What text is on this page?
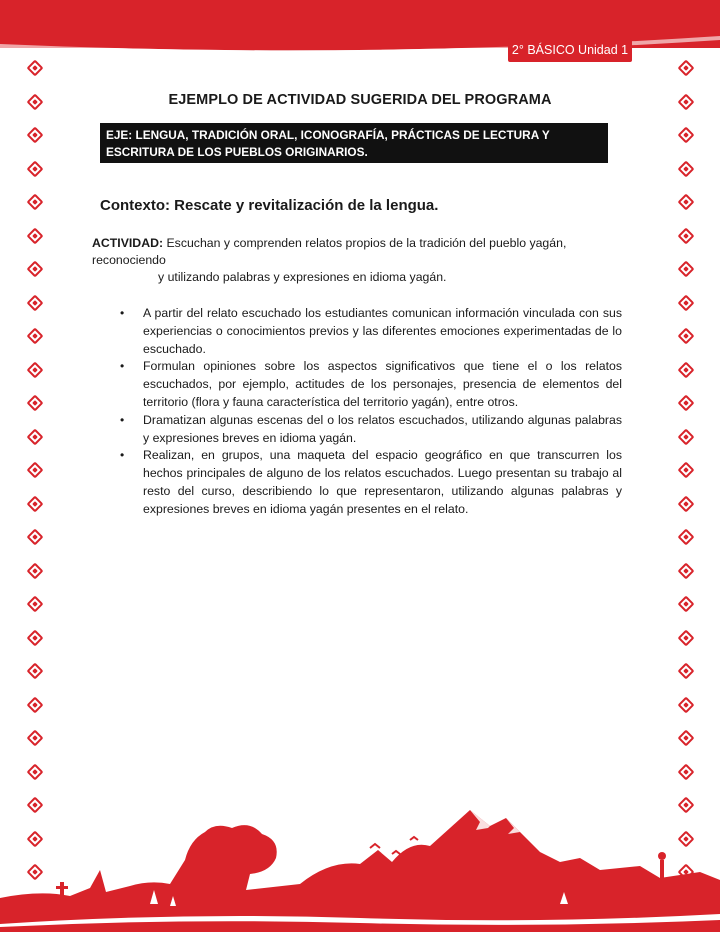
2° BÁSICO Unidad 1
EJEMPLO DE ACTIVIDAD SUGERIDA DEL PROGRAMA
EJE: LENGUA, TRADICIÓN ORAL, ICONOGRAFÍA, PRÁCTICAS DE LECTURA Y ESCRITURA DE LOS PUEBLOS ORIGINARIOS.
Contexto: Rescate y revitalización de la lengua.
ACTIVIDAD: Escuchan y comprenden relatos propios de la tradición del pueblo yagán, reconociendo
y utilizando palabras y expresiones en idioma yagán.
• A partir del relato escuchado los estudiantes comunican información vinculada con sus experiencias o conocimientos previos y las diferentes emociones experimentadas de lo escuchado.
• Formulan opiniones sobre los aspectos significativos que tiene el o los relatos escuchados, por ejemplo, actitudes de los personajes, presencia de elementos del territorio (flora y fauna característica del territorio yagán), entre otros.
• Dramatizan algunas escenas del o los relatos escuchados, utilizando algunas palabras y expresiones breves en idioma yagán.
• Realizan, en grupos, una maqueta del espacio geográfico en que transcurren los hechos principales de alguno de los relatos escuchados. Luego presentan su trabajo al resto del curso, describiendo lo que representaron, utilizando algunas palabras y expresiones breves en idioma yagán presentes en el relato.
